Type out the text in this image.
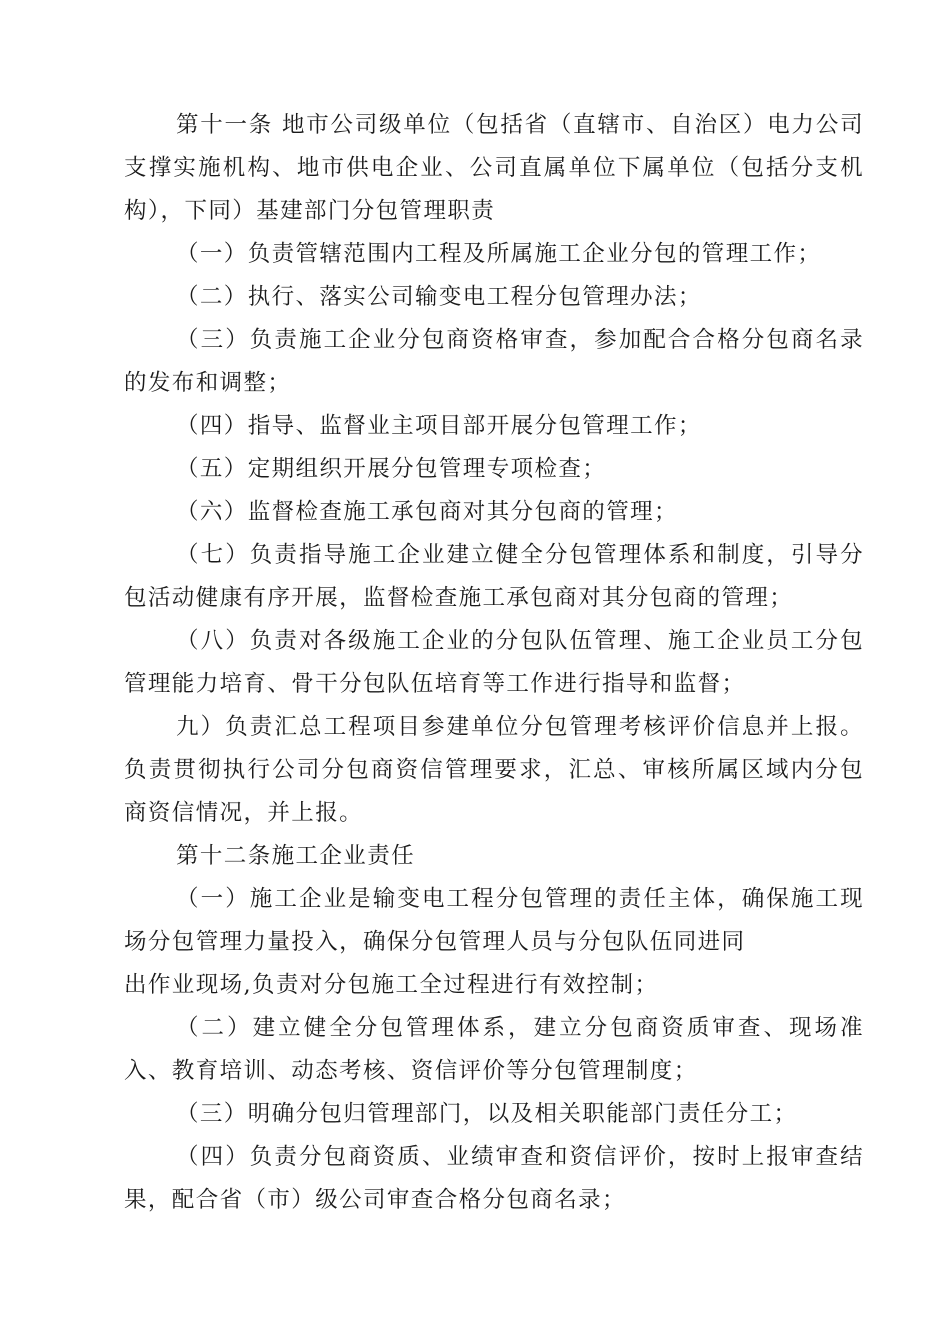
第十一条 地市公司级单位（包括省（直辖市、自治区）电力公司支撑实施机构、地市供电企业、公司直属单位下属单位（包括分支机构），下同）基建部门分包管理职责

（一）负责管辖范围内工程及所属施工企业分包的管理工作；

（二）执行、落实公司输变电工程分包管理办法；

（三）负责施工企业分包商资格审查，参加配合合格分包商名录的发布和调整；

（四）指导、监督业主项目部开展分包管理工作；

（五）定期组织开展分包管理专项检查；

（六）监督检查施工承包商对其分包商的管理；

（七）负责指导施工企业建立健全分包管理体系和制度，引导分包活动健康有序开展，监督检查施工承包商对其分包商的管理；

（八）负责对各级施工企业的分包队伍管理、施工企业员工分包管理能力培育、骨干分包队伍培育等工作进行指导和监督；

九）负责汇总工程项目参建单位分包管理考核评价信息并上报。负责贯彻执行公司分包商资信管理要求，汇总、审核所属区域内分包商资信情况，并上报。

第十二条施工企业责任

（一）施工企业是输变电工程分包管理的责任主体，确保施工现场分包管理力量投入，确保分包管理人员与分包队伍同进同

出作业现场,负责对分包施工全过程进行有效控制；

（二）建立健全分包管理体系，建立分包商资质审查、现场准入、教育培训、动态考核、资信评价等分包管理制度；

（三）明确分包归管理部门，以及相关职能部门责任分工；

（四）负责分包商资质、业绩审查和资信评价，按时上报审查结果，配合省（市）级公司审查合格分包商名录；
